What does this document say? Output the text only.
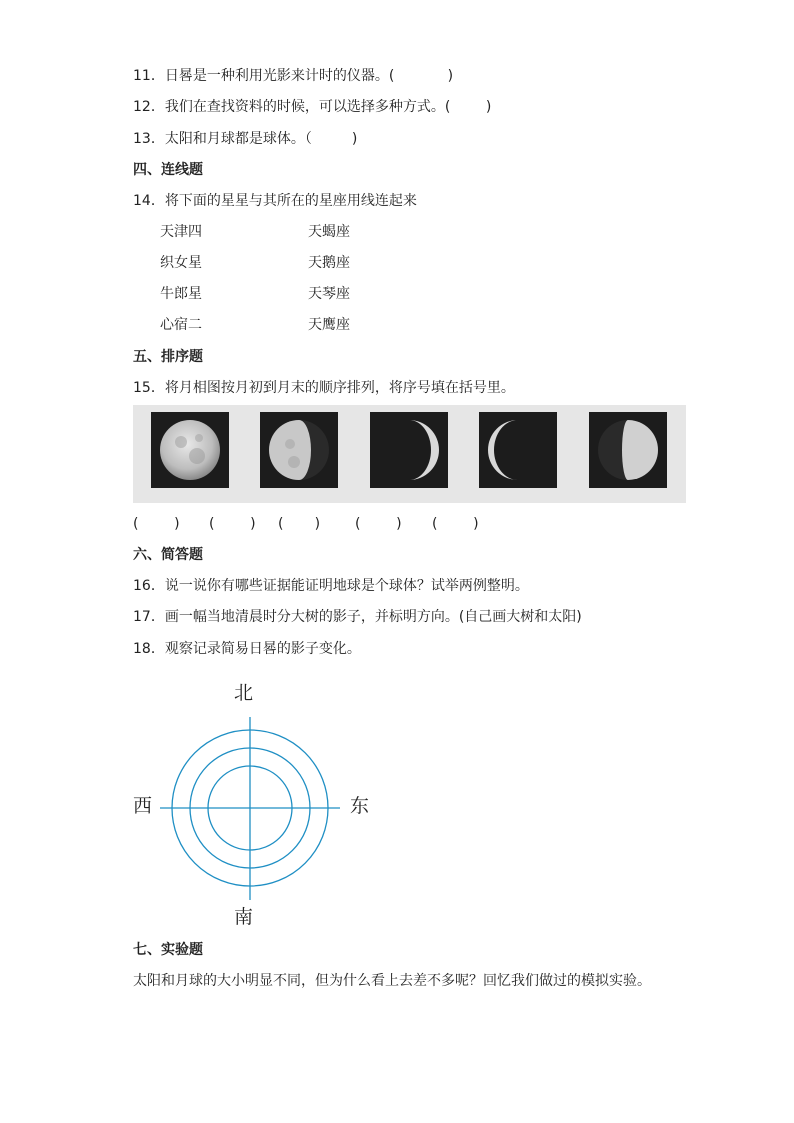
11．日晷是一种利用光影来计时的仪器。(            )
12．我们在查找资料的时候，可以选择多种方式。(        )
13．太阳和月球都是球体。（         )
四、连线题
14．将下面的星星与其所在的星座用线连起来
天津四	天蝎座
织女星	天鹅座
牛郎星	天琴座
心宿二	天鹰座
五、排序题
15．将月相图按月初到月末的顺序排列，将序号填在括号里。
(        ) (        ) (       ) (        ) (        )
六、简答题
16．说一说你有哪些证据能证明地球是个球体？试举两例整明。
17．画一幅当地清晨时分大树的影子，并标明方向。(自己画大树和太阳)
18．观察记录简易日晷的影子变化。
北
南
东
西
七、实验题
太阳和月球的大小明显不同，但为什么看上去差不多呢？回忆我们做过的模拟实验。
